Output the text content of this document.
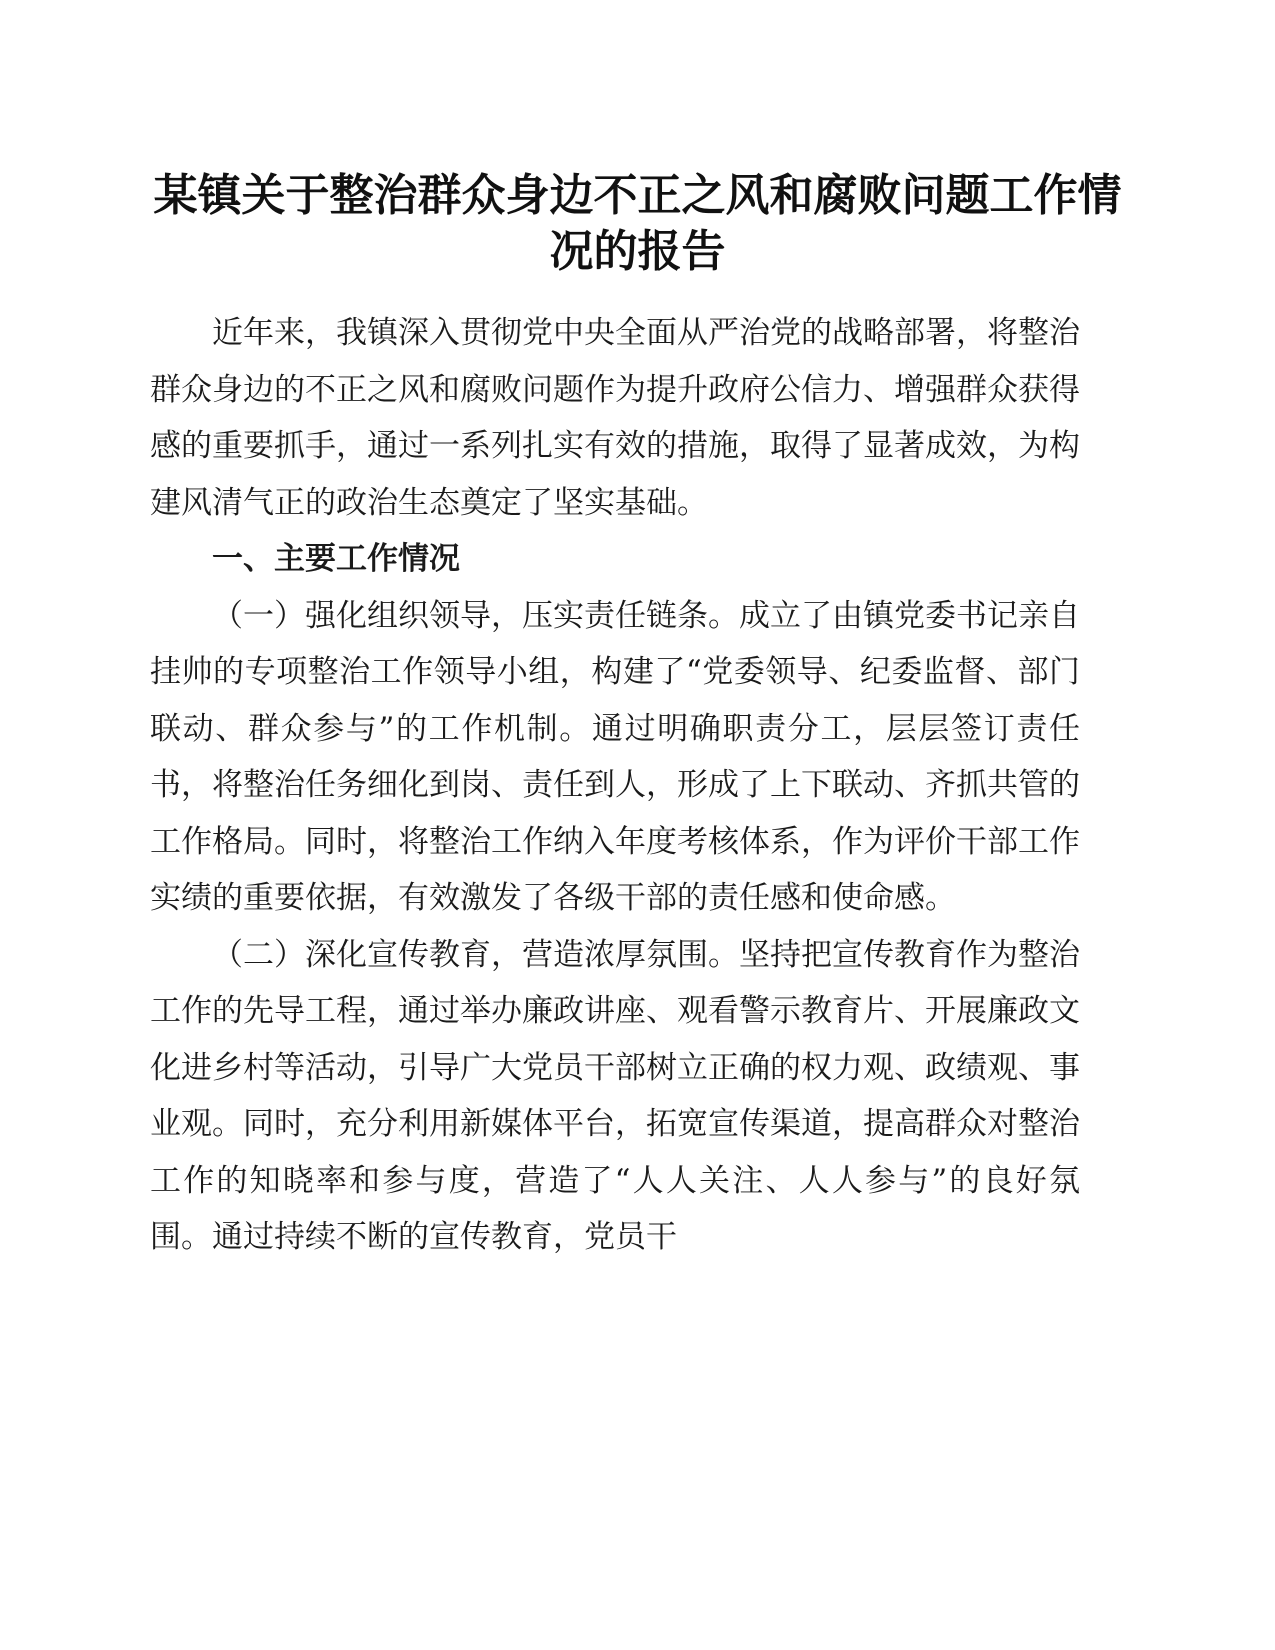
某镇关于整治群众身边不正之风和腐败问题工作情况的报告

近年来，我镇深入贯彻党中央全面从严治党的战略部署，将整治群众身边的不正之风和腐败问题作为提升政府公信力、增强群众获得感的重要抓手，通过一系列扎实有效的措施，取得了显著成效，为构建风清气正的政治生态奠定了坚实基础。

一、主要工作情况

（一）强化组织领导，压实责任链条。成立了由镇党委书记亲自挂帅的专项整治工作领导小组，构建了“党委领导、纪委监督、部门联动、群众参与”的工作机制。通过明确职责分工，层层签订责任书，将整治任务细化到岗、责任到人，形成了上下联动、齐抓共管的工作格局。同时，将整治工作纳入年度考核体系，作为评价干部工作实绩的重要依据，有效激发了各级干部的责任感和使命感。

（二）深化宣传教育，营造浓厚氛围。坚持把宣传教育作为整治工作的先导工程，通过举办廉政讲座、观看警示教育片、开展廉政文化进乡村等活动，引导广大党员干部树立正确的权力观、政绩观、事业观。同时，充分利用新媒体平台，拓宽宣传渠道，提高群众对整治工作的知晓率和参与度，营造了“人人关注、人人参与”的良好氛围。通过持续不断的宣传教育，党员干
